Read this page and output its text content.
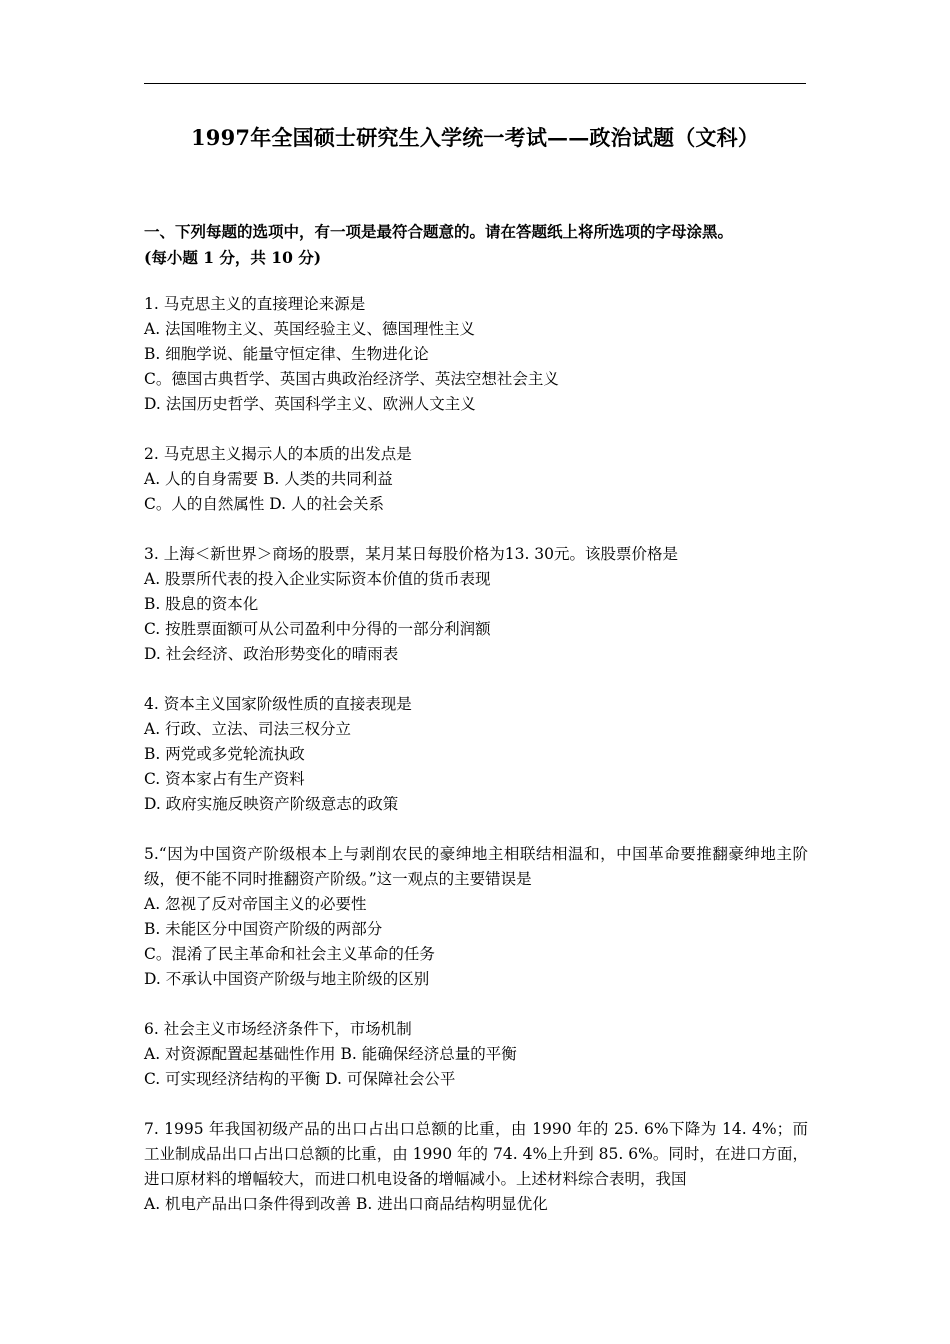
1997年全国硕士研究生入学统一考试——政治试题（文科）
一、下列每题的选项中，有一项是最符合题意的。请在答题纸上将所选项的字母涂黑。
(每小题 1 分，共 10 分)
1. 马克思主义的直接理论来源是
A. 法国唯物主义、英国经验主义、德国理性主义
B. 细胞学说、能量守恒定律、生物进化论
C。德国古典哲学、英国古典政治经济学、英法空想社会主义
D. 法国历史哲学、英国科学主义、欧洲人文主义
2. 马克思主义揭示人的本质的出发点是
A. 人的自身需要 B. 人类的共同利益
C。人的自然属性 D. 人的社会关系
3. 上海＜新世界＞商场的股票，某月某日每股价格为13. 30元。该股票价格是
A. 股票所代表的投入企业实际资本价值的货币表现
B. 股息的资本化
C. 按胜票面额可从公司盈利中分得的一部分利润额
D. 社会经济、政治形势变化的晴雨表
4. 资本主义国家阶级性质的直接表现是
A. 行政、立法、司法三权分立
B. 两党或多党轮流执政
C. 资本家占有生产资料
D. 政府实施反映资产阶级意志的政策
5.“因为中国资产阶级根本上与剥削农民的豪绅地主相联结相温和，中国革命要推翻豪绅地主阶级，便不能不同时推翻资产阶级。”这一观点的主要错误是
A. 忽视了反对帝国主义的必要性
B. 未能区分中国资产阶级的两部分
C。混淆了民主革命和社会主义革命的任务
D. 不承认中国资产阶级与地主阶级的区别
6. 社会主义市场经济条件下，市场机制
A. 对资源配置起基础性作用 B. 能确保经济总量的平衡
C. 可实现经济结构的平衡 D. 可保障社会公平
7. 1995 年我国初级产品的出口占出口总额的比重，由 1990 年的 25. 6%下降为 14. 4%；而工业制成品出口占出口总额的比重，由 1990 年的 74. 4%上升到 85. 6%。同时，在进口方面，进口原材料的增幅较大，而进口机电设备的增幅减小。上述材料综合表明，我国
A. 机电产品出口条件得到改善 B. 进出口商品结构明显优化
